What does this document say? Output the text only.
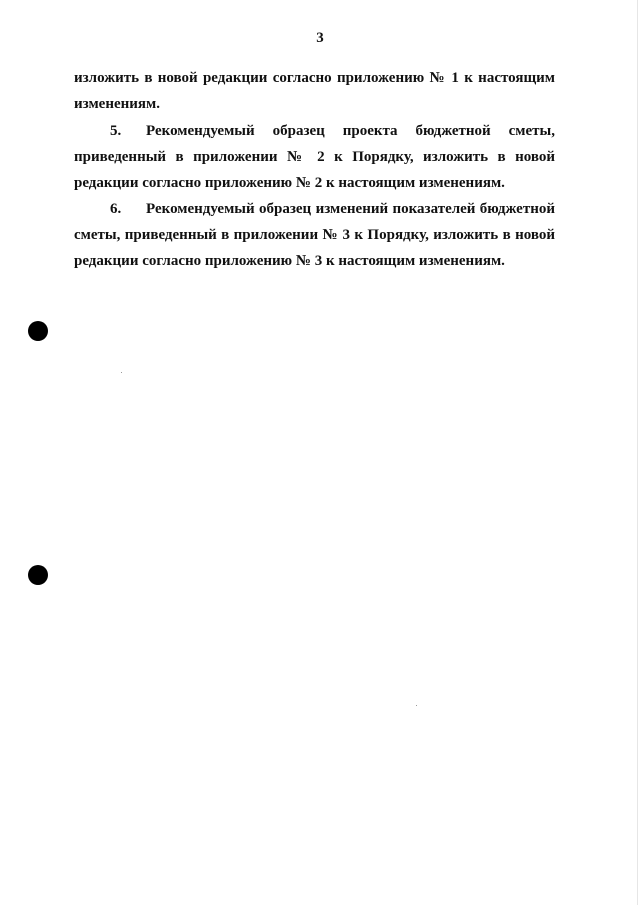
3
изложить в новой редакции согласно приложению № 1 к настоящим изменениям.
5. Рекомендуемый образец проекта бюджетной сметы, приведенный в приложении № 2 к Порядку, изложить в новой редакции согласно приложению № 2 к настоящим изменениям.
6. Рекомендуемый образец изменений показателей бюджетной сметы, приведенный в приложении № 3 к Порядку, изложить в новой редакции согласно приложению № 3 к настоящим изменениям.
